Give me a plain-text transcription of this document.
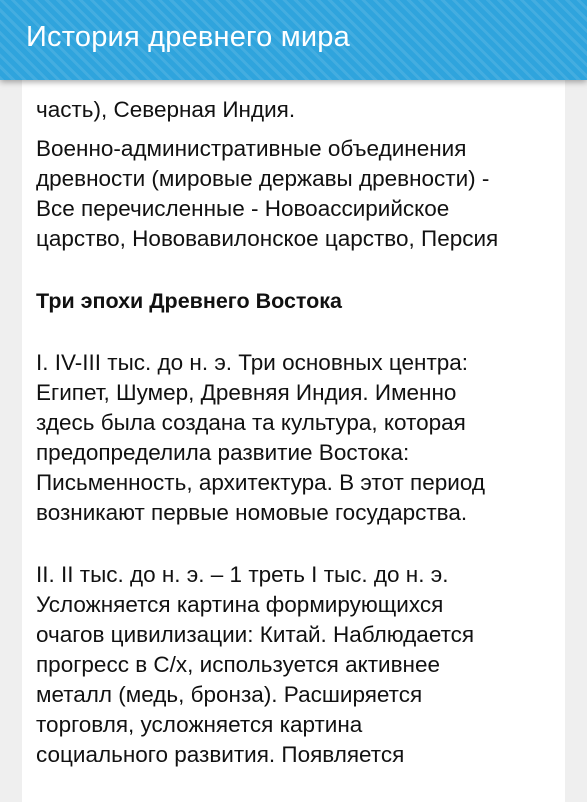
История древнего мира

часть), Северная Индия.

Военно-административные объединения
древности (мировые державы древности) -
Все перечисленные - Новоассирийское
царство, Нововавилонское царство, Персия

Три эпохи Древнего Востока

I. IV-III тыс. до н. э. Три основных центра:
Египет, Шумер, Древняя Индия. Именно
здесь была создана та культура, которая
предопределила развитие Востока:
Письменность, архитектура. В этот период
возникают первые номовые государства.

II. II тыс. до н. э. – 1 треть I тыс. до н. э.
Усложняется картина формирующихся
очагов цивилизации: Китай. Наблюдается
прогресс в С/х, используется активнее
металл (медь, бронза). Расширяется
торговля, усложняется картина
социального развития. Появляется
